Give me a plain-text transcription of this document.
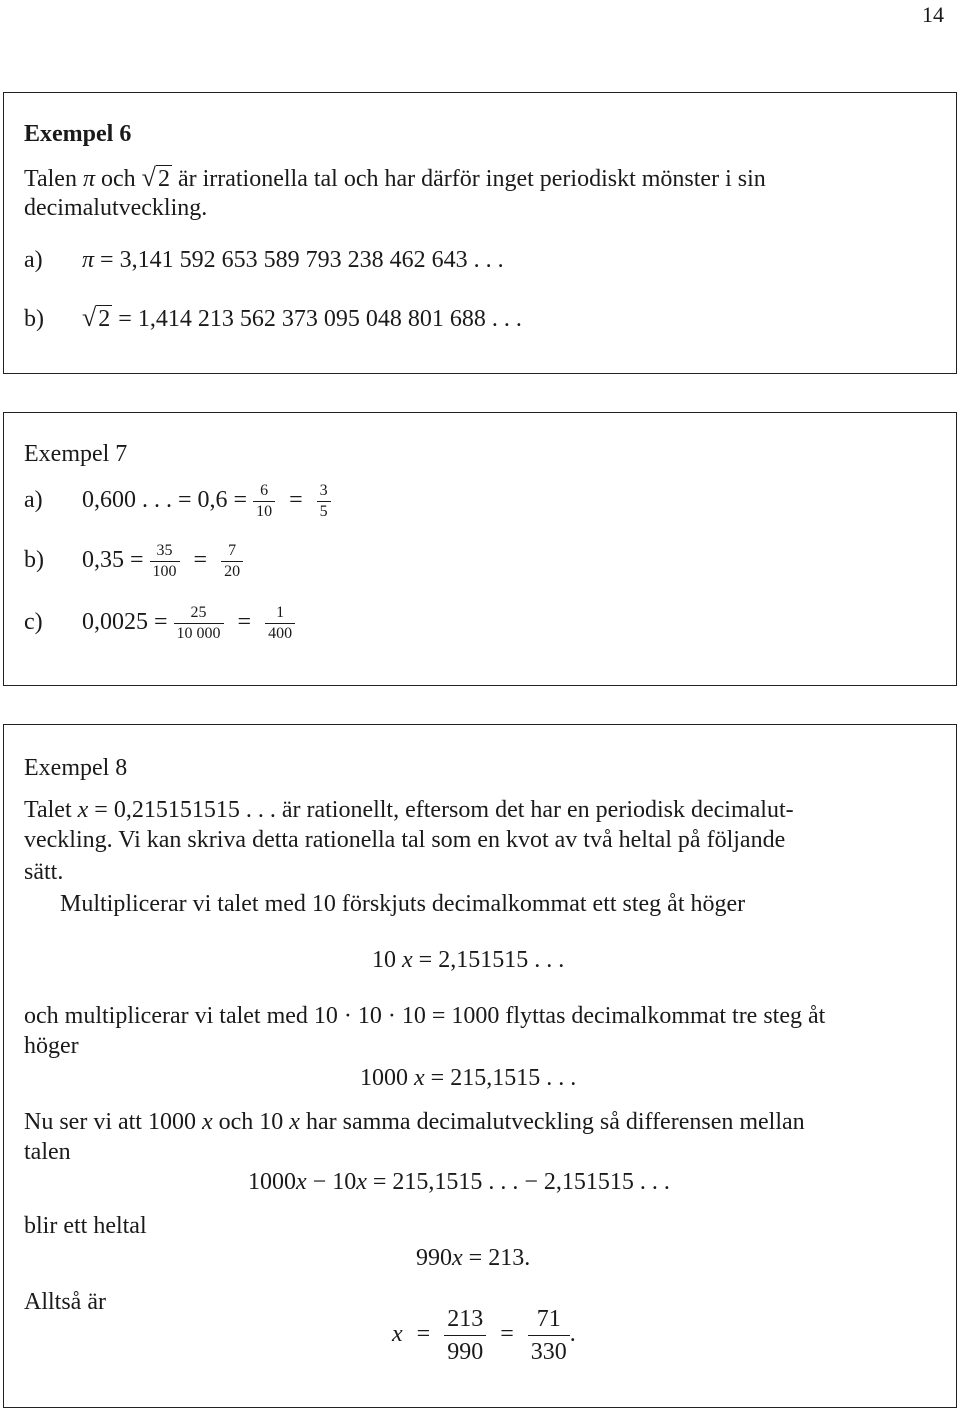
14
Exempel 6
Talen π och √2 är irrationella tal och har därför inget periodiskt mönster i sin
decimalutveckling.
a) π = 3,141 592 653 589 793 238 462 643 . . .
b) √2 = 1,414 213 562 373 095 048 801 688 . . .
Exempel 7
a) 0,600 . . . = $0,6 = \frac{6}{10} = \frac{3}{5}$
b) $0,35 = \frac{35}{100} = \frac{7}{20}$
c) $0,0025 = \frac{25}{10 000} = \frac{1}{400}$
Exempel 8
Talet x = 0,215151515 . . . är rationellt, eftersom det har en periodisk decimalut-
veckling. Vi kan skriva detta rationella tal som en kvot av två heltal på följande
sätt.
Multiplicerar vi talet med 10 förskjuts decimalkommat ett steg åt höger
10 x = 2,151515 . . .
och multiplicerar vi talet med 10 · 10 · 10 = 1000 flyttas decimalkommat tre steg åt
höger
1000 x = 215,1515 . . .
Nu ser vi att 1000 x och 10 x har samma decimalutveckling så differensen mellan
talen
1000x − 10x = 215,1515 . . . − 2,151515 . . .
blir ett heltal
990x = 213.
Alltså är
$x = \frac{213}{990} = \frac{71}{330}$ .
